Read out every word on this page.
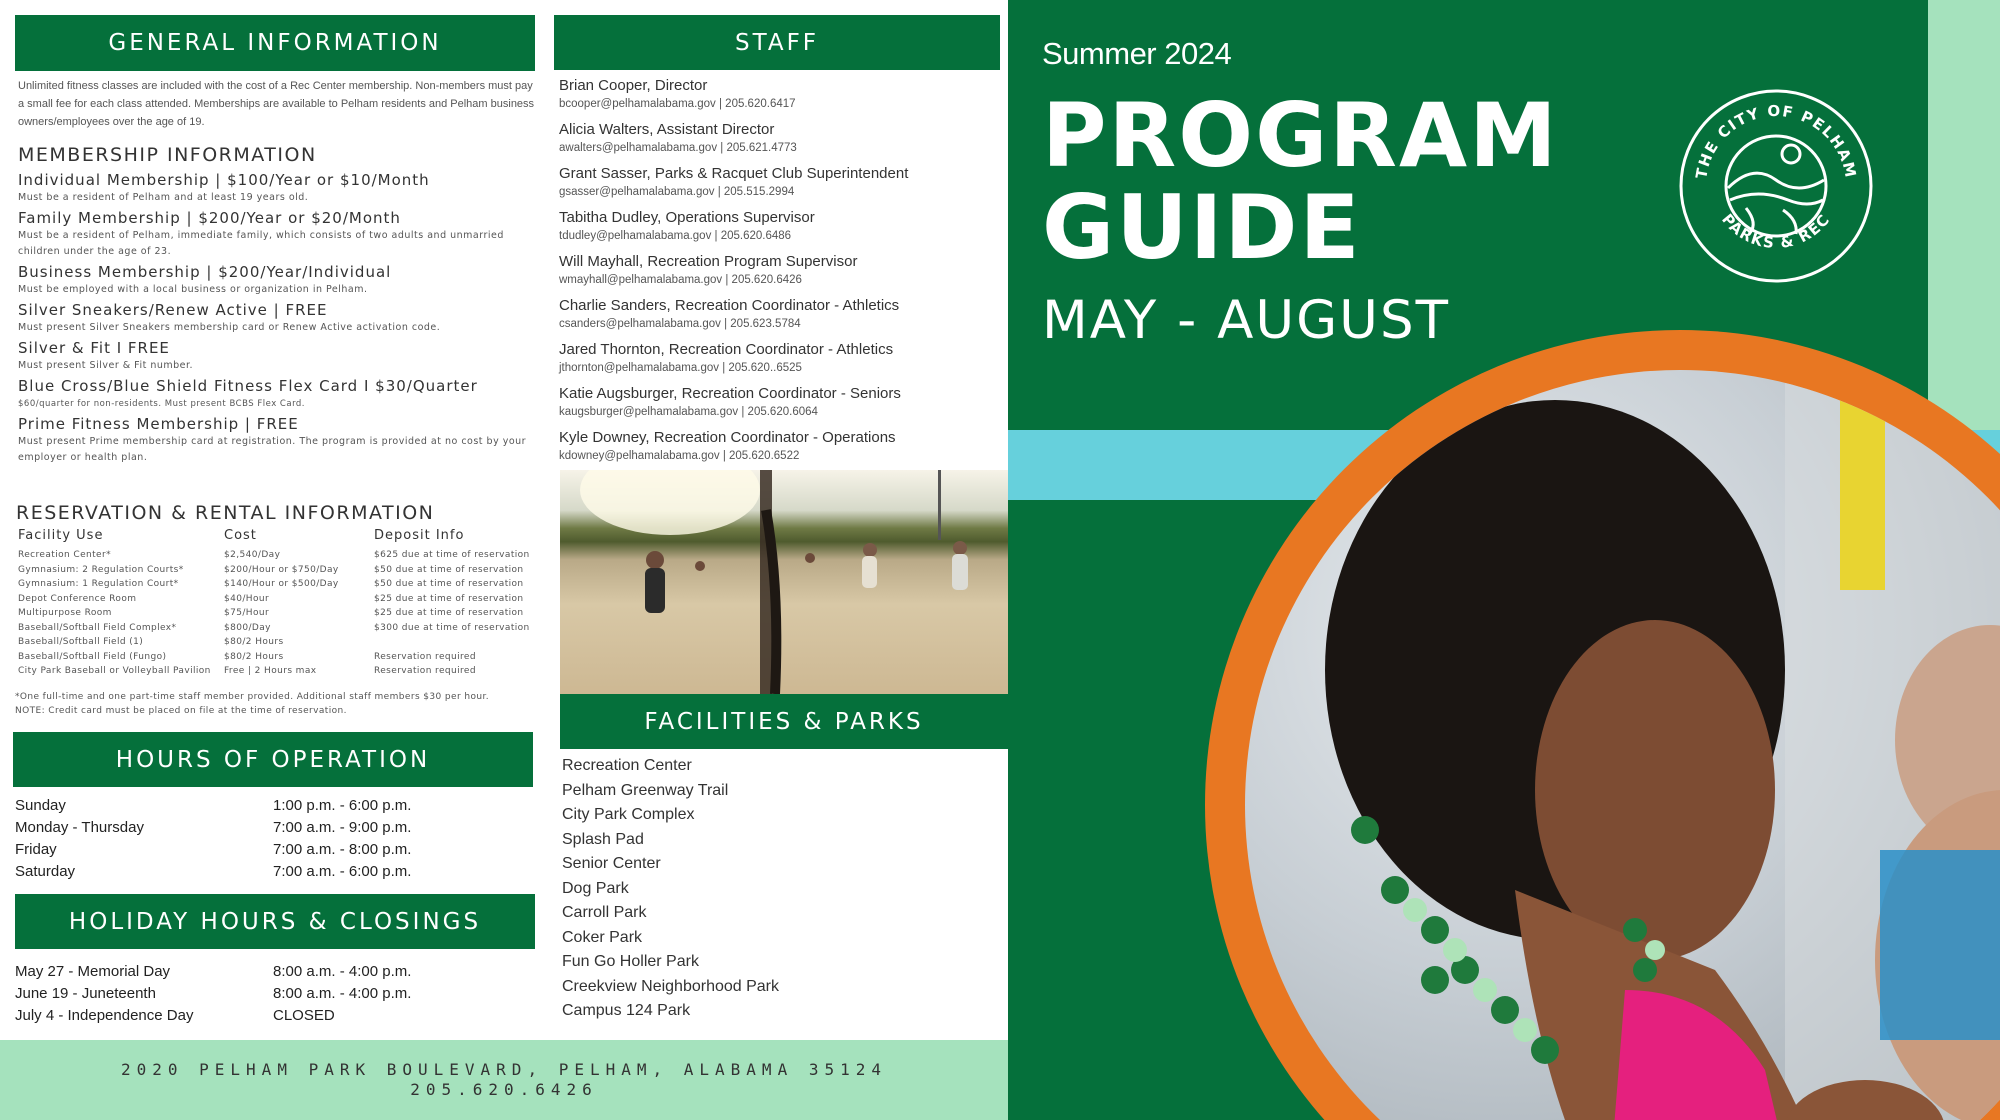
GENERAL INFORMATION
Unlimited fitness classes are included with the cost of a Rec Center membership. Non-members must pay a small fee for each class attended. Memberships are available to Pelham residents and Pelham business owners/employees over the age of 19.
MEMBERSHIP INFORMATION
Individual Membership | $100/Year or $10/Month
Must be a resident of Pelham and at least 19 years old.
Family Membership | $200/Year or $20/Month
Must be a resident of Pelham, immediate family, which consists of two adults and unmarried children under the age of 23.
Business Membership | $200/Year/Individual
Must be employed with a local business or organization in Pelham.
Silver Sneakers/Renew Active | FREE
Must present Silver Sneakers membership card or Renew Active activation code.
Silver & Fit I FREE
Must present Silver & Fit number.
Blue Cross/Blue Shield Fitness Flex Card I $30/Quarter
$60/quarter for non-residents. Must present BCBS Flex Card.
Prime Fitness Membership | FREE
Must present Prime membership card at registration. The program is provided at no cost by your employer or health plan.
RESERVATION & RENTAL INFORMATION
Facility Use	Cost	Deposit Info
Recreation Center*	$2,540/Day	$625 due at time of reservation
Gymnasium: 2 Regulation Courts*	$200/Hour or $750/Day	$50 due at time of reservation
Gymnasium: 1 Regulation Court*	$140/Hour or $500/Day	$50 due at time of reservation
Depot Conference Room	$40/Hour	$25 due at time of reservation
Multipurpose Room	$75/Hour	$25 due at time of reservation
Baseball/Softball Field Complex*	$800/Day	$300 due at time of reservation
Baseball/Softball Field (1)	$80/2 Hours
Baseball/Softball Field (Fungo)	$80/2 Hours	Reservation required
City Park Baseball or Volleyball Pavilion	Free | 2 Hours max	Reservation required
*One full-time and one part-time staff member provided. Additional staff members $30 per hour.
NOTE: Credit card must be placed on file at the time of reservation.
HOURS OF OPERATION
Sunday	1:00 p.m. - 6:00 p.m.
Monday - Thursday	7:00 a.m. - 9:00 p.m.
Friday	7:00 a.m. - 8:00 p.m.
Saturday	7:00 a.m. - 6:00 p.m.
HOLIDAY HOURS & CLOSINGS
May 27 - Memorial Day	8:00 a.m. - 4:00 p.m.
June 19 - Juneteenth	8:00 a.m. - 4:00 p.m.
July 4 - Independence Day	CLOSED
STAFF
Brian Cooper, Director
bcooper@pelhamalabama.gov | 205.620.6417
Alicia Walters, Assistant Director
awalters@pelhamalabama.gov | 205.621.4773
Grant Sasser, Parks & Racquet Club Superintendent
gsasser@pelhamalabama.gov | 205.515.2994
Tabitha Dudley, Operations Supervisor
tdudley@pelhamalabama.gov | 205.620.6486
Will Mayhall, Recreation Program Supervisor
wmayhall@pelhamalabama.gov | 205.620.6426
Charlie Sanders, Recreation Coordinator - Athletics
csanders@pelhamalabama.gov | 205.623.5784
Jared Thornton, Recreation Coordinator - Athletics
jthornton@pelhamalabama.gov | 205.620..6525
Katie Augsburger, Recreation Coordinator - Seniors
kaugsburger@pelhamalabama.gov | 205.620.6064
Kyle Downey, Recreation Coordinator - Operations
kdowney@pelhamalabama.gov | 205.620.6522
FACILITIES & PARKS
Recreation Center
Pelham Greenway Trail
City Park Complex
Splash Pad
Senior Center
Dog Park
Carroll Park
Coker Park
Fun Go Holler Park
Creekview Neighborhood Park
Campus 124 Park
2020 PELHAM PARK BOULEVARD, PELHAM, ALABAMA 35124
205.620.6426
Summer 2024
PROGRAM
GUIDE
MAY - AUGUST
THE CITY OF PELHAM
PARKS & REC
